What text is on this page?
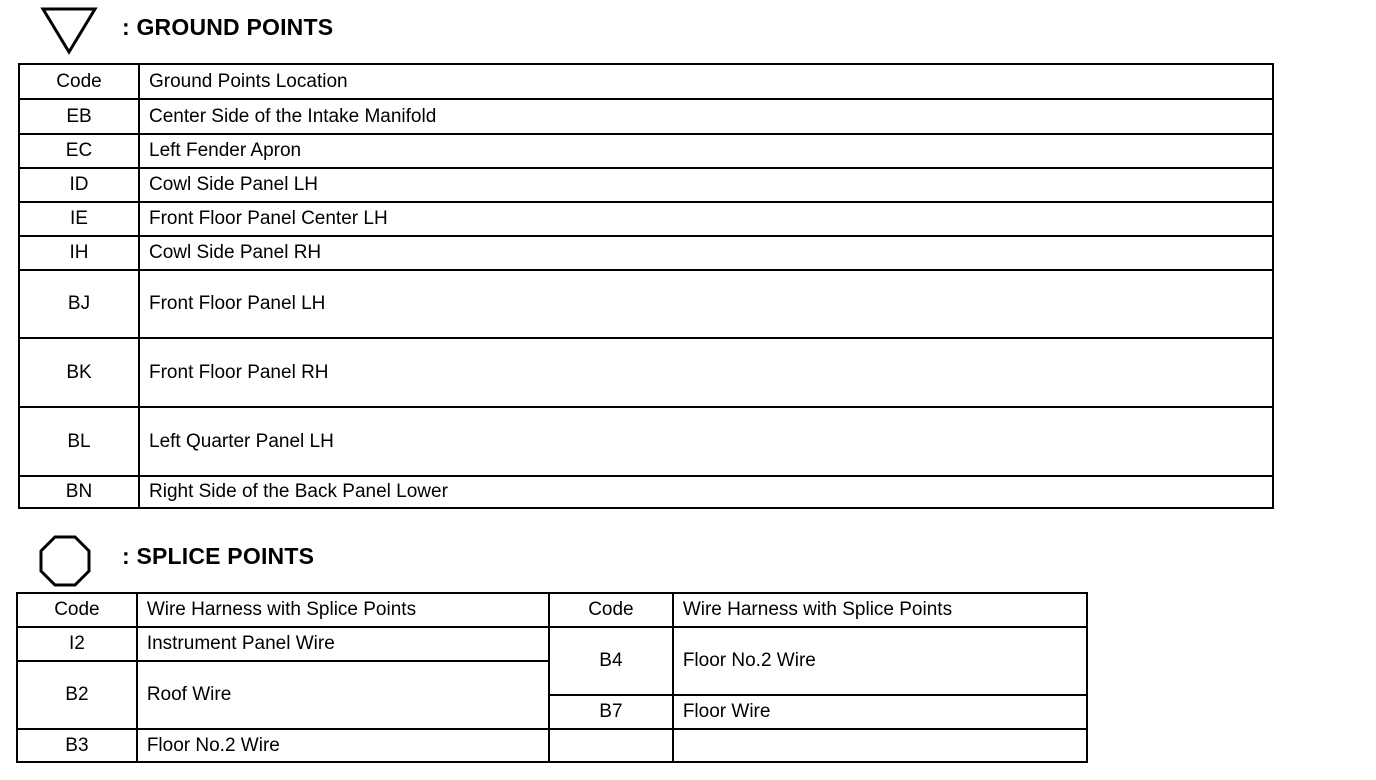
: GROUND POINTS
Code	Ground Points Location
EB	Center Side of the Intake Manifold
EC	Left Fender Apron
ID	Cowl Side Panel LH
IE	Front Floor Panel Center LH
IH	Cowl Side Panel RH
BJ	Front Floor Panel LH
BK	Front Floor Panel RH
BL	Left Quarter Panel LH
BN	Right Side of the Back Panel Lower
: SPLICE POINTS
Code	Wire Harness with Splice Points	Code	Wire Harness with Splice Points
I2	Instrument Panel Wire	B4	Floor No.2 Wire
B2	Roof Wire		
		B7	Floor Wire
B3	Floor No.2 Wire		
